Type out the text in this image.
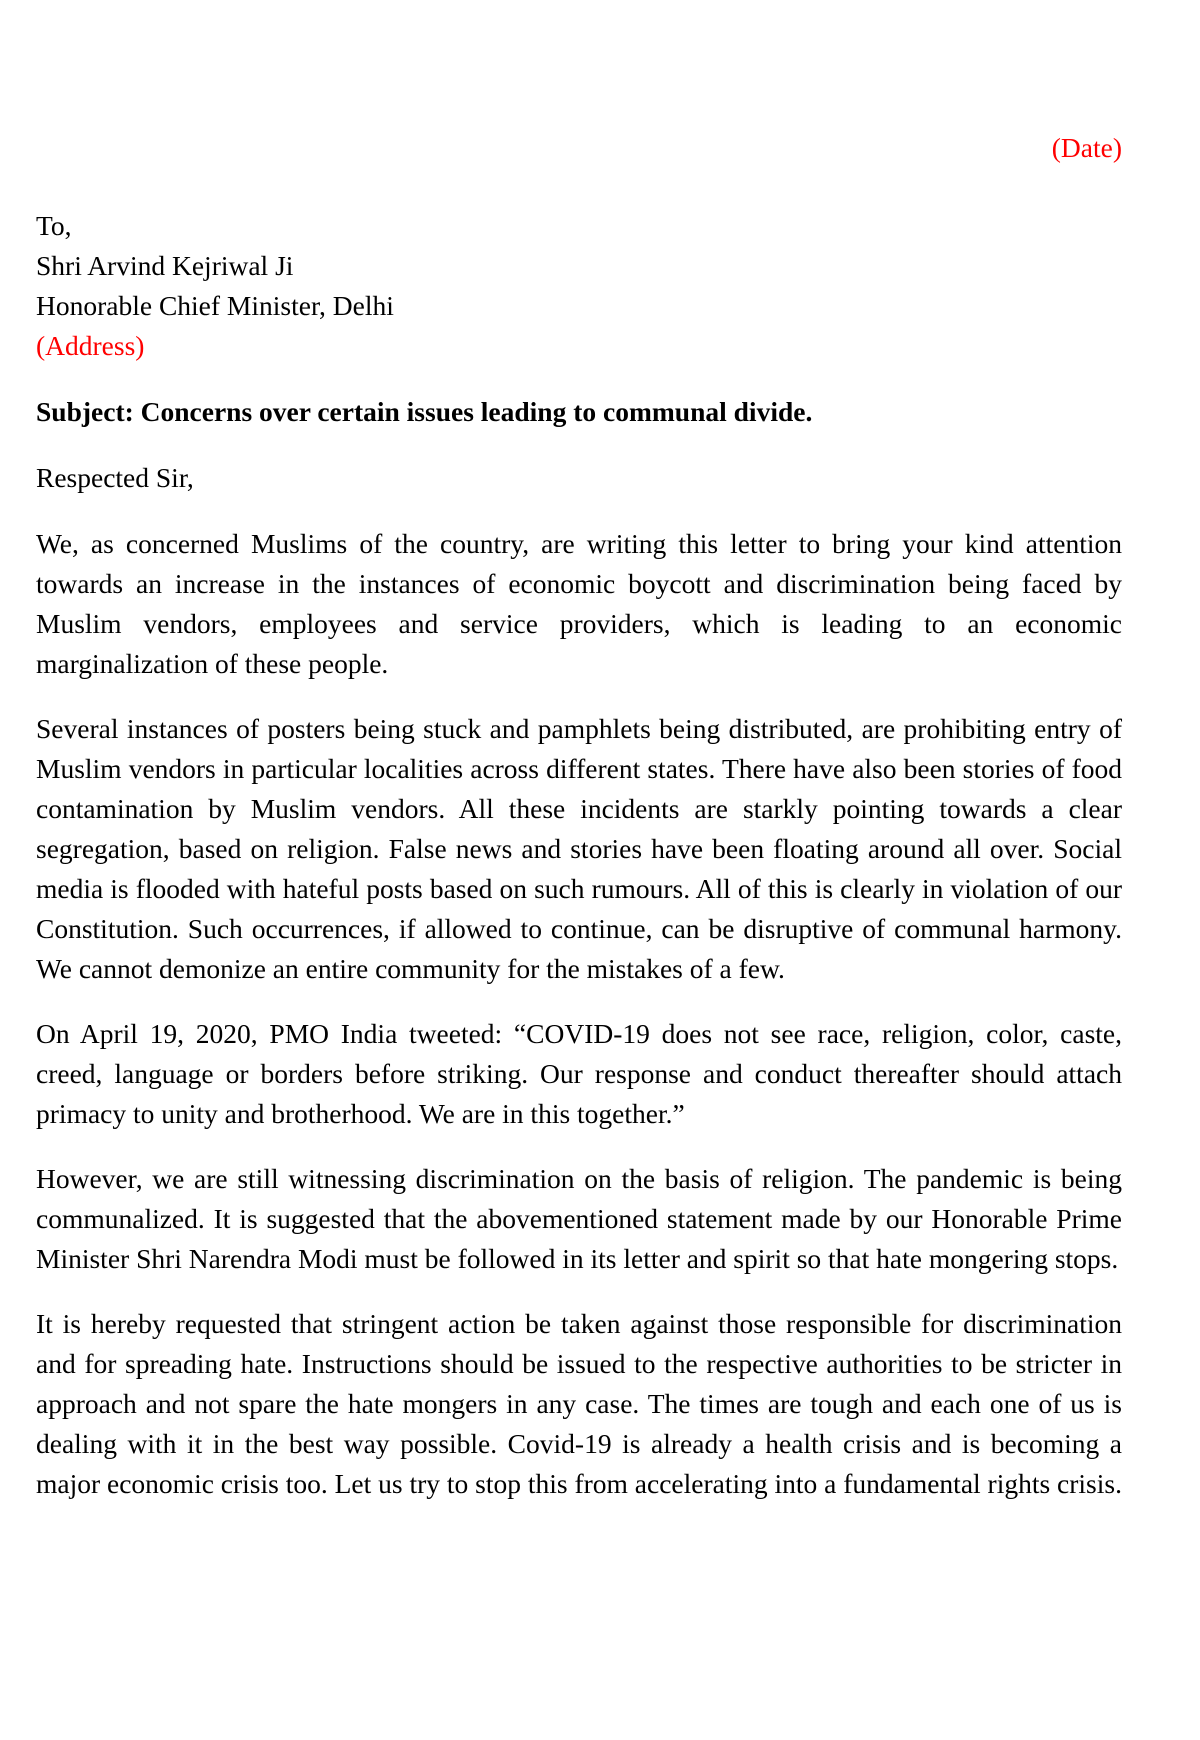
(Date)
To,
Shri Arvind Kejriwal Ji
Honorable Chief Minister, Delhi
(Address)
Subject: Concerns over certain issues leading to communal divide.
Respected Sir,

We, as concerned Muslims of the country, are writing this letter to bring your kind attention towards an increase in the instances of economic boycott and discrimination being faced by Muslim vendors, employees and service providers, which is leading to an economic marginalization of these people.

Several instances of posters being stuck and pamphlets being distributed, are prohibiting entry of Muslim vendors in particular localities across different states. There have also been stories of food contamination by Muslim vendors. All these incidents are starkly pointing towards a clear segregation, based on religion. False news and stories have been floating around all over. Social media is flooded with hateful posts based on such rumours. All of this is clearly in violation of our Constitution. Such occurrences, if allowed to continue, can be disruptive of communal harmony. We cannot demonize an entire community for the mistakes of a few.

On April 19, 2020, PMO India tweeted: “COVID-19 does not see race, religion, color, caste, creed, language or borders before striking. Our response and conduct thereafter should attach primacy to unity and brotherhood. We are in this together.”

However, we are still witnessing discrimination on the basis of religion. The pandemic is being communalized. It is suggested that the abovementioned statement made by our Honorable Prime Minister Shri Narendra Modi must be followed in its letter and spirit so that hate mongering stops.

It is hereby requested that stringent action be taken against those responsible for discrimination and for spreading hate. Instructions should be issued to the respective authorities to be stricter in approach and not spare the hate mongers in any case. The times are tough and each one of us is dealing with it in the best way possible. Covid-19 is already a health crisis and is becoming a major economic crisis too. Let us try to stop this from accelerating into a fundamental rights crisis.
